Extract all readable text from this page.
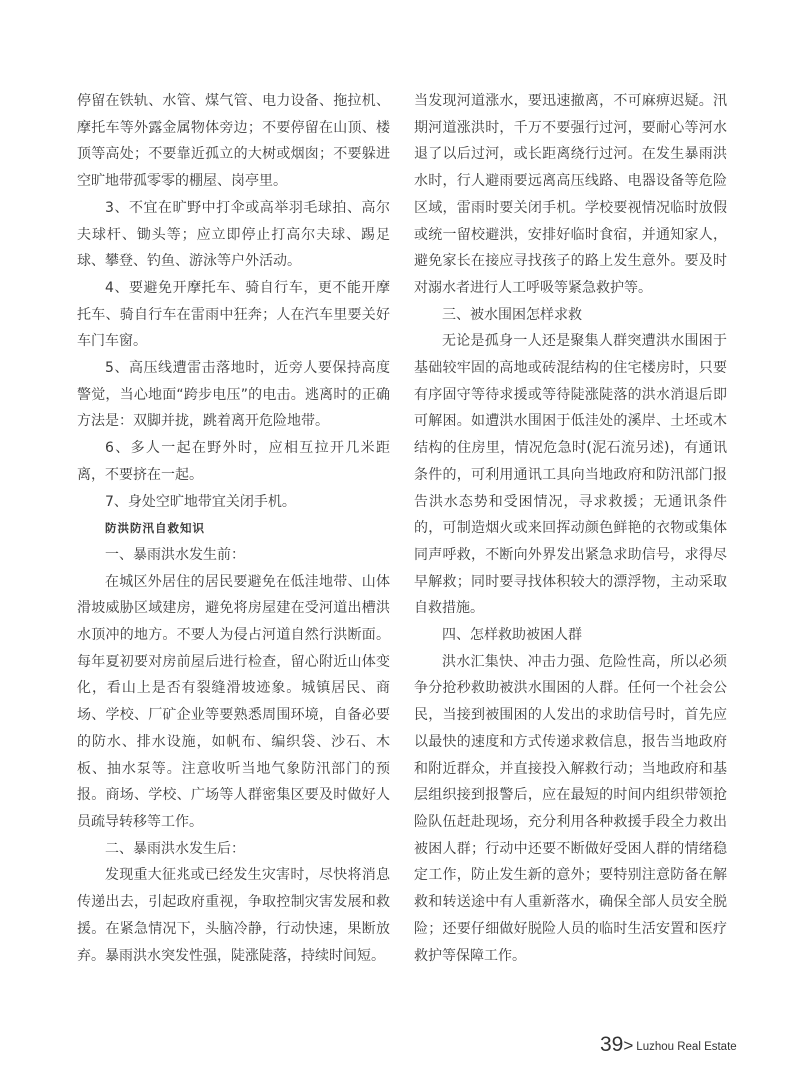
停留在铁轨、水管、煤气管、电力设备、拖拉机、摩托车等外露金属物体旁边；不要停留在山顶、楼顶等高处；不要靠近孤立的大树或烟囱；不要躲进空旷地带孤零零的棚屋、岗亭里。

3、不宜在旷野中打伞或高举羽毛球拍、高尔夫球杆、锄头等；应立即停止打高尔夫球、踢足球、攀登、钓鱼、游泳等户外活动。

4、要避免开摩托车、骑自行车，更不能开摩托车、骑自行车在雷雨中狂奔；人在汽车里要关好车门车窗。

5、高压线遭雷击落地时，近旁人要保持高度警觉，当心地面“跨步电压”的电击。逃离时的正确方法是：双脚并拢，跳着离开危险地带。

6、多人一起在野外时，应相互拉开几米距离，不要挤在一起。

7、身处空旷地带宜关闭手机。

防洪防汛自救知识

一、暴雨洪水发生前：

在城区外居住的居民要避免在低洼地带、山体滑坡威胁区域建房，避免将房屋建在受河道出槽洪水顶冲的地方。不要人为侵占河道自然行洪断面。每年夏初要对房前屋后进行检查，留心附近山体变化，看山上是否有裂缝滑坡迹象。城镇居民、商场、学校、厂矿企业等要熟悉周围环境，自备必要的防水、排水设施，如帆布、编织袋、沙石、木板、抽水泵等。注意收听当地气象防汛部门的预报。商场、学校、广场等人群密集区要及时做好人员疏导转移等工作。

二、暴雨洪水发生后：

发现重大征兆或已经发生灾害时，尽快将消息传递出去，引起政府重视，争取控制灾害发展和救援。在紧急情况下，头脑冷静，行动快速，果断放弃。暴雨洪水突发性强，陡涨陡落，持续时间短。

当发现河道涨水，要迅速撤离，不可麻痹迟疑。汛期河道涨洪时，千万不要强行过河，要耐心等河水退了以后过河，或长距离绕行过河。在发生暴雨洪水时，行人避雨要远离高压线路、电器设备等危险区域，雷雨时要关闭手机。学校要视情况临时放假或统一留校避洪，安排好临时食宿，并通知家人，避免家长在接应寻找孩子的路上发生意外。要及时对溺水者进行人工呼吸等紧急救护等。

三、被水围困怎样求救

无论是孤身一人还是聚集人群突遭洪水围困于基础较牢固的高地或砖混结构的住宅楼房时，只要有序固守等待求援或等待陡涨陡落的洪水消退后即可解困。如遭洪水围困于低洼处的溪岸、土坯或木结构的住房里，情况危急时(泥石流另述)，有通讯条件的，可利用通讯工具向当地政府和防汛部门报告洪水态势和受困情况，寻求救援；无通讯条件的，可制造烟火或来回挥动颜色鲜艳的衣物或集体同声呼救，不断向外界发出紧急求助信号，求得尽早解救；同时要寻找体积较大的漂浮物，主动采取自救措施。

四、怎样救助被困人群

洪水汇集快、冲击力强、危险性高，所以必须争分抢秒救助被洪水围困的人群。任何一个社会公民，当接到被围困的人发出的求助信号时，首先应以最快的速度和方式传递求救信息，报告当地政府和附近群众，并直接投入解救行动；当地政府和基层组织接到报警后，应在最短的时间内组织带领抢险队伍赶赴现场，充分利用各种救援手段全力救出被困人群；行动中还要不断做好受困人群的情绪稳定工作，防止发生新的意外；要特别注意防备在解救和转送途中有人重新落水，确保全部人员安全脱险；还要仔细做好脱险人员的临时生活安置和医疗救护等保障工作。

39 > Luzhou Real Estate
